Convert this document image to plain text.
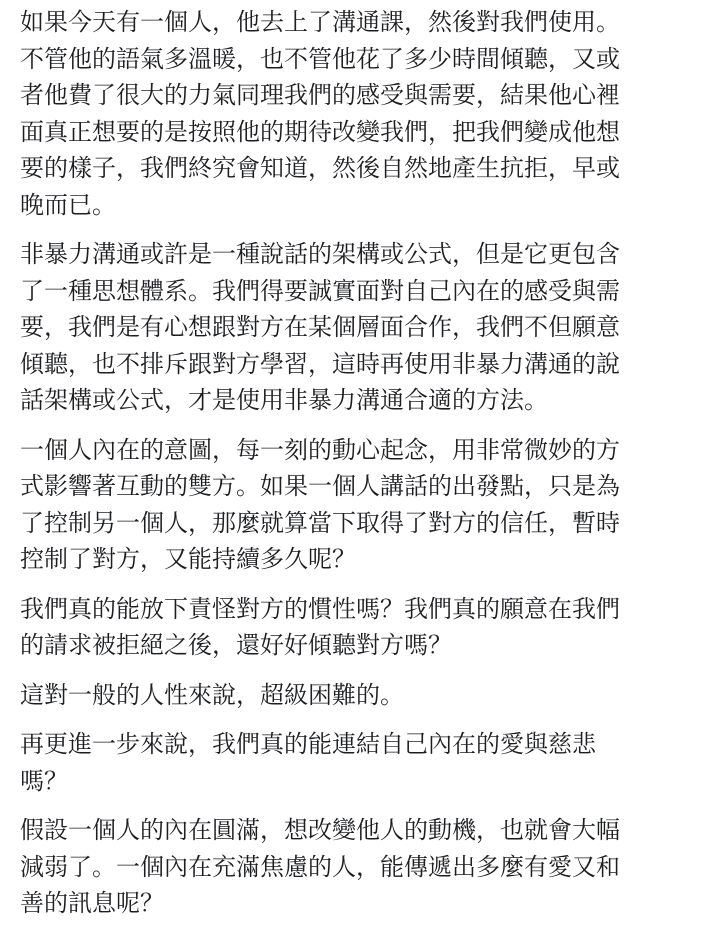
如果今天有一個人，他去上了溝通課，然後對我們使用。
不管他的語氣多溫暖，也不管他花了多少時間傾聽，又或
者他費了很大的力氣同理我們的感受與需要，結果他心裡
面真正想要的是按照他的期待改變我們，把我們變成他想
要的樣子，我們終究會知道，然後自然地產生抗拒，早或
晚而已。

非暴力溝通或許是一種說話的架構或公式，但是它更包含
了一種思想體系。我們得要誠實面對自己內在的感受與需
要，我們是有心想跟對方在某個層面合作，我們不但願意
傾聽，也不排斥跟對方學習，這時再使用非暴力溝通的說
話架構或公式，才是使用非暴力溝通合適的方法。

一個人內在的意圖，每一刻的動心起念，用非常微妙的方
式影響著互動的雙方。如果一個人講話的出發點，只是為
了控制另一個人，那麼就算當下取得了對方的信任，暫時
控制了對方，又能持續多久呢？

我們真的能放下責怪對方的慣性嗎？我們真的願意在我們
的請求被拒絕之後，還好好傾聽對方嗎？

這對一般的人性來說，超級困難的。

再更進一步來說，我們真的能連結自己內在的愛與慈悲
嗎？

假設一個人的內在圓滿，想改變他人的動機，也就會大幅
減弱了。一個內在充滿焦慮的人，能傳遞出多麼有愛又和
善的訊息呢？
